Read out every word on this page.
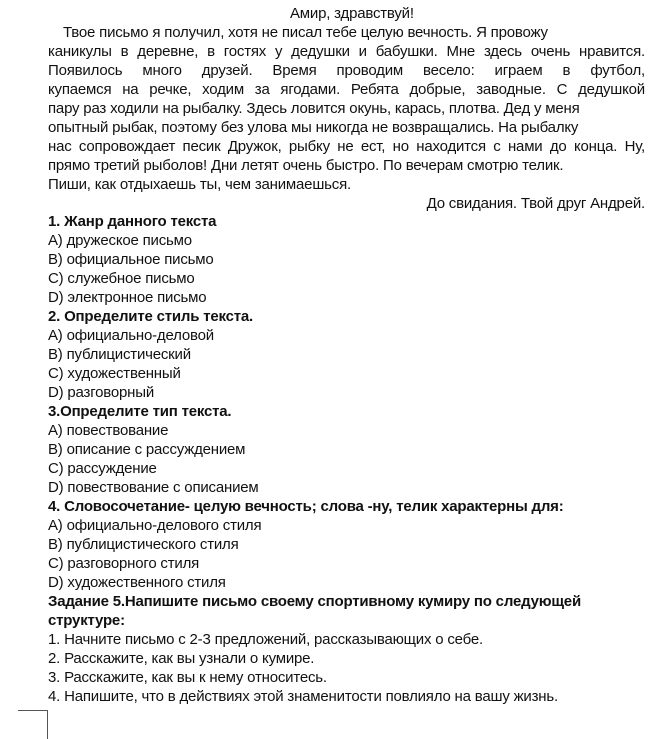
Амир, здравствуй!
Твое письмо я получил, хотя не писал тебе целую вечность. Я провожу
каникулы в деревне, в гостях у дедушки и бабушки. Мне здесь очень нравится.
Появилось много друзей. Время проводим весело: играем в футбол,
купаемся на речке, ходим за ягодами. Ребята добрые, заводные. С дедушкой
пару раз ходили на рыбалку. Здесь ловится окунь, карась, плотва. Дед у меня
опытный рыбак, поэтому без улова мы никогда не возвращались. На рыбалку
нас сопровождает песик Дружок, рыбку не ест, но находится с нами до конца. Ну,
прямо третий рыболов! Дни летят очень быстро. По вечерам смотрю телик.
Пиши, как отдыхаешь ты, чем занимаешься.
До свидания. Твой друг Андрей.
1. Жанр данного текста
А) дружеское письмо
В) официальное письмо
С) служебное письмо
D) электронное письмо
2. Определите стиль текста.
А) официально-деловой
В) публицистический
С) художественный
D) разговорный
3.Определите тип текста.
А) повествование
В) описание с рассуждением
С) рассуждение
D) повествование с описанием
4. Словосочетание- целую вечность; слова -ну, телик характерны для:
А) официально-делового стиля
В) публицистического стиля
С) разговорного стиля
D) художественного стиля
Задание 5.Напишите письмо своему спортивному кумиру по следующей
структуре:
1. Начните письмо с 2-3 предложений, рассказывающих о себе.
2. Расскажите, как вы узнали о кумире.
3. Расскажите, как вы к нему относитесь.
4. Напишите, что в действиях этой знаменитости повлияло на вашу жизнь.
